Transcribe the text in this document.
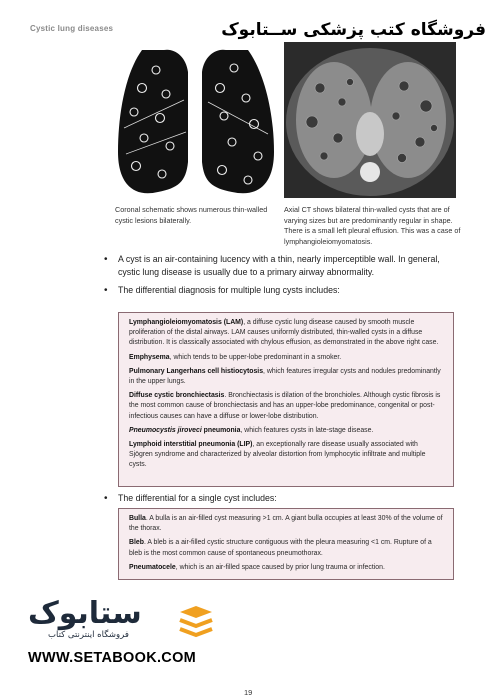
Cystic lung diseases	فروشگاه کتب پزشکی ســتابوک
Coronal schematic shows numerous thin-walled cystic lesions bilaterally.
Axial CT shows bilateral thin-walled cysts that are of varying sizes but are predominantly regular in shape. There is a small left pleural effusion. This was a case of lymphangioleiomyomatosis.
• A cyst is an air-containing lucency with a thin, nearly imperceptible wall. In general, cystic lung disease is usually due to a primary airway abnormality.
• The differential diagnosis for multiple lung cysts includes:
Lymphangioleiomyomatosis (LAM), a diffuse cystic lung disease caused by smooth muscle proliferation of the distal airways. LAM causes uniformly distributed, thin-walled cysts in a diffuse distribution. It is classically associated with chylous effusion, as demonstrated in the above right case.
Emphysema, which tends to be upper-lobe predominant in a smoker.
Pulmonary Langerhans cell histiocytosis, which features irregular cysts and nodules predominantly in the upper lungs.
Diffuse cystic bronchiectasis. Bronchiectasis is dilation of the bronchioles. Although cystic fibrosis is the most common cause of bronchiectasis and has an upper-lobe predominance, congenital or post-infectious causes can have a diffuse or lower-lobe distribution.
Pneumocystis jiroveci pneumonia, which features cysts in late-stage disease.
Lymphoid interstitial pneumonia (LIP), an exceptionally rare disease usually associated with Sjögren syndrome and characterized by alveolar distortion from lymphocytic infiltrate and multiple cysts.
• The differential for a single cyst includes:
Bulla. A bulla is an air-filled cyst measuring >1 cm. A giant bulla occupies at least 30% of the volume of the thorax.
Bleb. A bleb is a air-filled cystic structure contiguous with the pleura measuring <1 cm. Rupture of a bleb is the most common cause of spontaneous pneumothorax.
Pneumatocele, which is an air-filled space caused by prior lung trauma or infection.
ستابوک
فروشگاه اینترنتی کتاب
WWW.SETABOOK.COM
19
